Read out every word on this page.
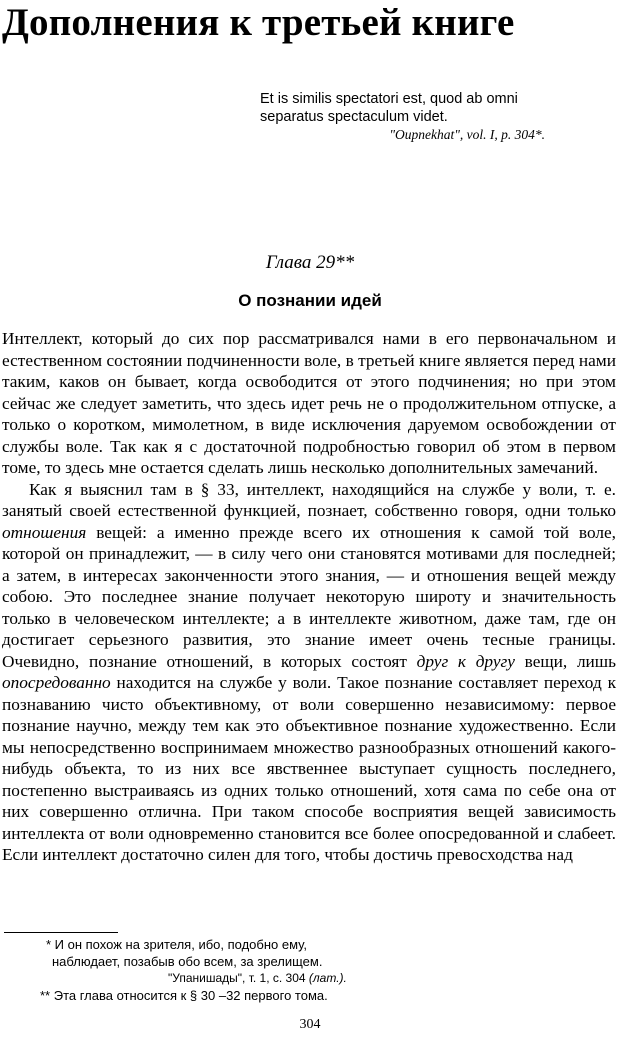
Дополнения к третьей книге
Et is similis spectatori est, quod ab omni
separatus spectaculum videt.
"Oupnekhat", vol. I, p. 304*.
Глава 29**
О познании идей

Интеллект, который до сих пор рассматривался нами в его первоначальном и естественном состоянии подчиненности воле, в третьей книге является перед нами таким, каков он бывает, когда освободится от этого подчинения; но при этом сейчас же следует заметить, что здесь идет речь не о продолжительном отпуске, а только о коротком, мимолетном, в виде исключения даруемом освобождении от службы воле. Так как я с достаточной подробностью говорил об этом в первом томе, то здесь мне остается сделать лишь несколько дополнительных замечаний.

Как я выяснил там в § 33, интеллект, находящийся на службе у воли, т. е. занятый своей естественной функцией, познает, собственно говоря, одни только отношения вещей: а именно прежде всего их отношения к самой той воле, которой он принадлежит, — в силу чего они становятся мотивами для последней; а затем, в интересах законченности этого знания, — и отношения вещей между собою. Это последнее знание получает некоторую широту и значительность только в человеческом интеллекте; а в интеллекте животном, даже там, где он достигает серьезного развития, это знание имеет очень тесные границы. Очевидно, познание отношений, в которых состоят друг к другу вещи, лишь опосредованно находится на службе у воли. Такое познание составляет переход к познаванию чисто объективному, от воли совершенно независимому: первое познание научно, между тем как это объективное познание художественно. Если мы непосредственно воспринимаем множество разнообразных отношений какого-нибудь объекта, то из них все явственнее выступает сущность последнего, постепенно выстраиваясь из одних только отношений, хотя сама по себе она от них совершенно отлична. При таком способе восприятия вещей зависимость интеллекта от воли одновременно становится все более опосредованной и слабеет. Если интеллект достаточно силен для того, чтобы достичь превосходства над

* И он похож на зрителя, ибо, подобно ему,
наблюдает, позабыв обо всем, за зрелищем.
"Упанишады", т. 1, с. 304 (лат.).
** Эта глава относится к § 30 –32 первого тома.
304
